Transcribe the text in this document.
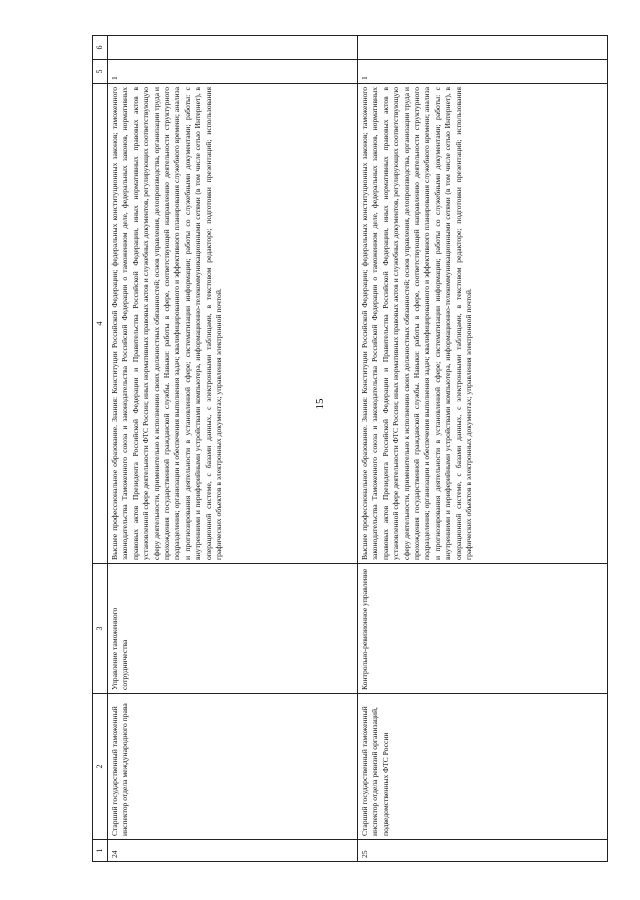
15
1	2	3	4	5	6
24	Старший государственный таможенный инспектор отдела международного права	Управление таможенного сотрудничества	Высшее профессиональное образование. Знания: Конституции Российской Федерации; федеральных конституционных законов; таможенного законодательства Таможенного союза и законодательства Российской Федерации о таможенном деле, федеральных законов, нормативных правовых актов Президента Российской Федерации и Правительства Российской Федерации, иных нормативных правовых актов в установленной сфере деятельности ФТС России; иных нормативных правовых актов и служебных документов, регулирующих соответствующую сферу деятельности, применительно к исполнению своих должностных обязанностей; основ управления, делопроизводства, организации труда и прохождения государственной гражданской службы. Навыки: работы в сфере, соответствующей направлению деятельности структурного подразделения; организации и обеспечения выполнения задач; квалифицированного и эффективного планирования служебного времени; анализа и прогнозирования деятельности в установленной сфере; систематизации информации; работы со служебными документами; работы: с внутренними и периферийными устройствами компьютера, информационно-телекоммуникационными сетями (в том числе сетью Интернет), в операционной системе, с базами данных, с электронными таблицами, в текстовом редакторе; подготовки презентаций; использования графических объектов в электронных документах; управления электронной почтой.	1	
25	Старший государственный таможенный инспектор отдела ревизий организаций, подведомственных ФТС России	Контрольно-ревизионное управление	Высшее профессиональное образование. Знания: Конституции Российской Федерации; федеральных конституционных законов; таможенного законодательства Таможенного союза и законодательства Российской Федерации о таможенном деле, федеральных законов, нормативных правовых актов Президента Российской Федерации и Правительства Российской Федерации, иных нормативных правовых актов в установленной сфере деятельности ФТС России; иных нормативных правовых актов и служебных документов, регулирующих соответствующую сферу деятельности, применительно к исполнению своих должностных обязанностей; основ управления, делопроизводства, организации труда и прохождения государственной гражданской службы. Навыки: работы в сфере, соответствующей направлению деятельности структурного подразделения; организации и обеспечения выполнения задач; квалифицированного и эффективного планирования служебного времени; анализа и прогнозирования деятельности в установленной сфере; систематизации информации; работы со служебными документами; работы: с внутренними и периферийными устройствами компьютера, информационно-телекоммуникационными сетями (в том числе сетью Интернет), в операционной системе, с базами данных, с электронными таблицами, в текстовом редакторе; подготовки презентаций; использования графических объектов в электронных документах; управления электронной почтой.	1	
